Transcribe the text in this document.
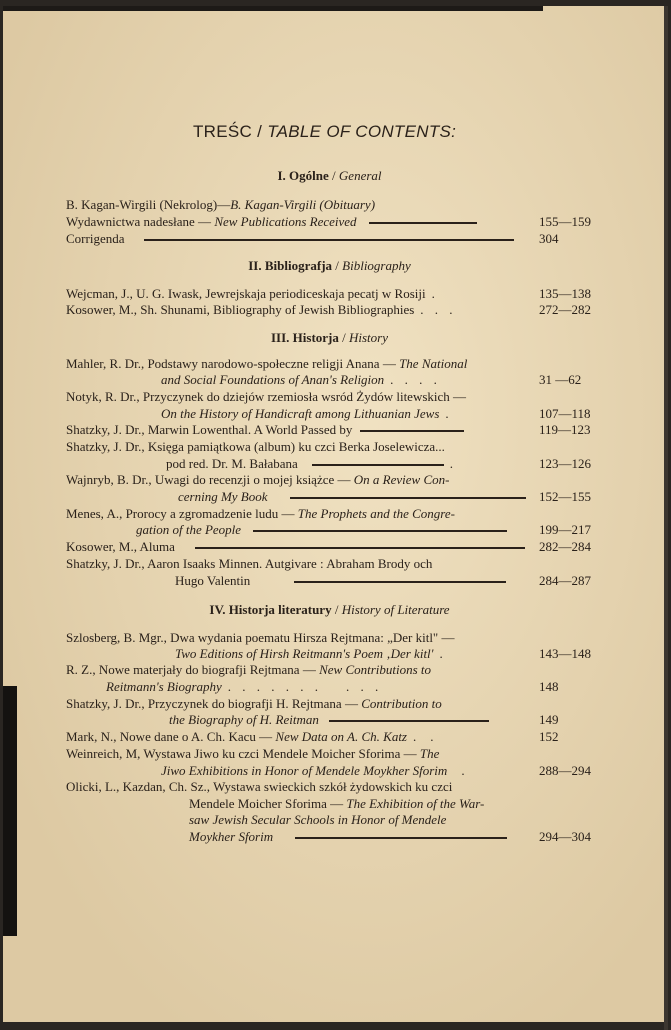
TREŚC / TABLE OF CONTENTS:
I. Ogólne / General
B. Kagan-Wirgili (Nekrolog)—B. Kagan-Virgili (Obituary)
Wydawnictwa nadesłane — New Publications Received	155—159
Corrigenda	304
II. Bibliografja / Bibliography
Wejcman, J., U. G. Iwask, Jewrejskaja periodiceskaja pecatj w Rosiji .	135—138
Kosower, M., Sh. Shunami, Bibliography of Jewish Bibliographies . . .	272—282
III. Historja / History
Mahler, R. Dr., Podstawy narodowo-społeczne religji Anana — The National
and Social Foundations of Anan's Religion . . . .	31 —62
Notyk, R. Dr., Przyczynek do dziejów rzemiosła wsród Żydów litewskich —
On the History of Handicraft among Lithuanian Jews .	107—118
Shatzky, J. Dr., Marwin Lowenthal. A World Passed by	119—123
Shatzky, J. Dr., Księga pamiątkowa (album) ku czci Berka Joselewicza...
pod red. Dr. M. Bałabana	.	123—126
Wajnryb, B. Dr., Uwagi do recenzji o mojej książce — On a Review Con-
cerning My Book	152—155
Menes, A., Prorocy a zgromadzenie ludu — The Prophets and the Congre-
gation of the People	199—217
Kosower, M., Aluma	282—284
Shatzky, J. Dr., Aaron Isaaks Minnen. Autgivare : Abraham Brody och
Hugo Valentin	284—287
IV. Historja literatury / History of Literature
Szlosberg, B. Mgr., Dwa wydania poematu Hirsza Rejtmana: „Der kitl" —
Two Editions of Hirsh Reitmann's Poem ‚Der kitl' .	143—148
R. Z., Nowe materjały do biografji Rejtmana — New Contributions to
Reitmann's Biography . . . . . . . . . .	148
Shatzky, J. Dr., Przyczynek do biografji H. Rejtmana — Contribution to
the Biography of H. Reitman	149
Mark, N., Nowe dane o A. Ch. Kacu — New Data on A. Ch. Katz . .	152
Weinreich, M, Wystawa Jiwo ku czci Mendele Moicher Sforima — The
Jiwo Exhibitions in Honor of Mendele Moykher Sforim .	288—294
Olicki, L., Kazdan, Ch. Sz., Wystawa swieckich szkół żydowskich ku czci
Mendele Moicher Sforima — The Exhibition of the War-
saw Jewish Secular Schools in Honor of Mendele
Moykher Sforim	294—304
